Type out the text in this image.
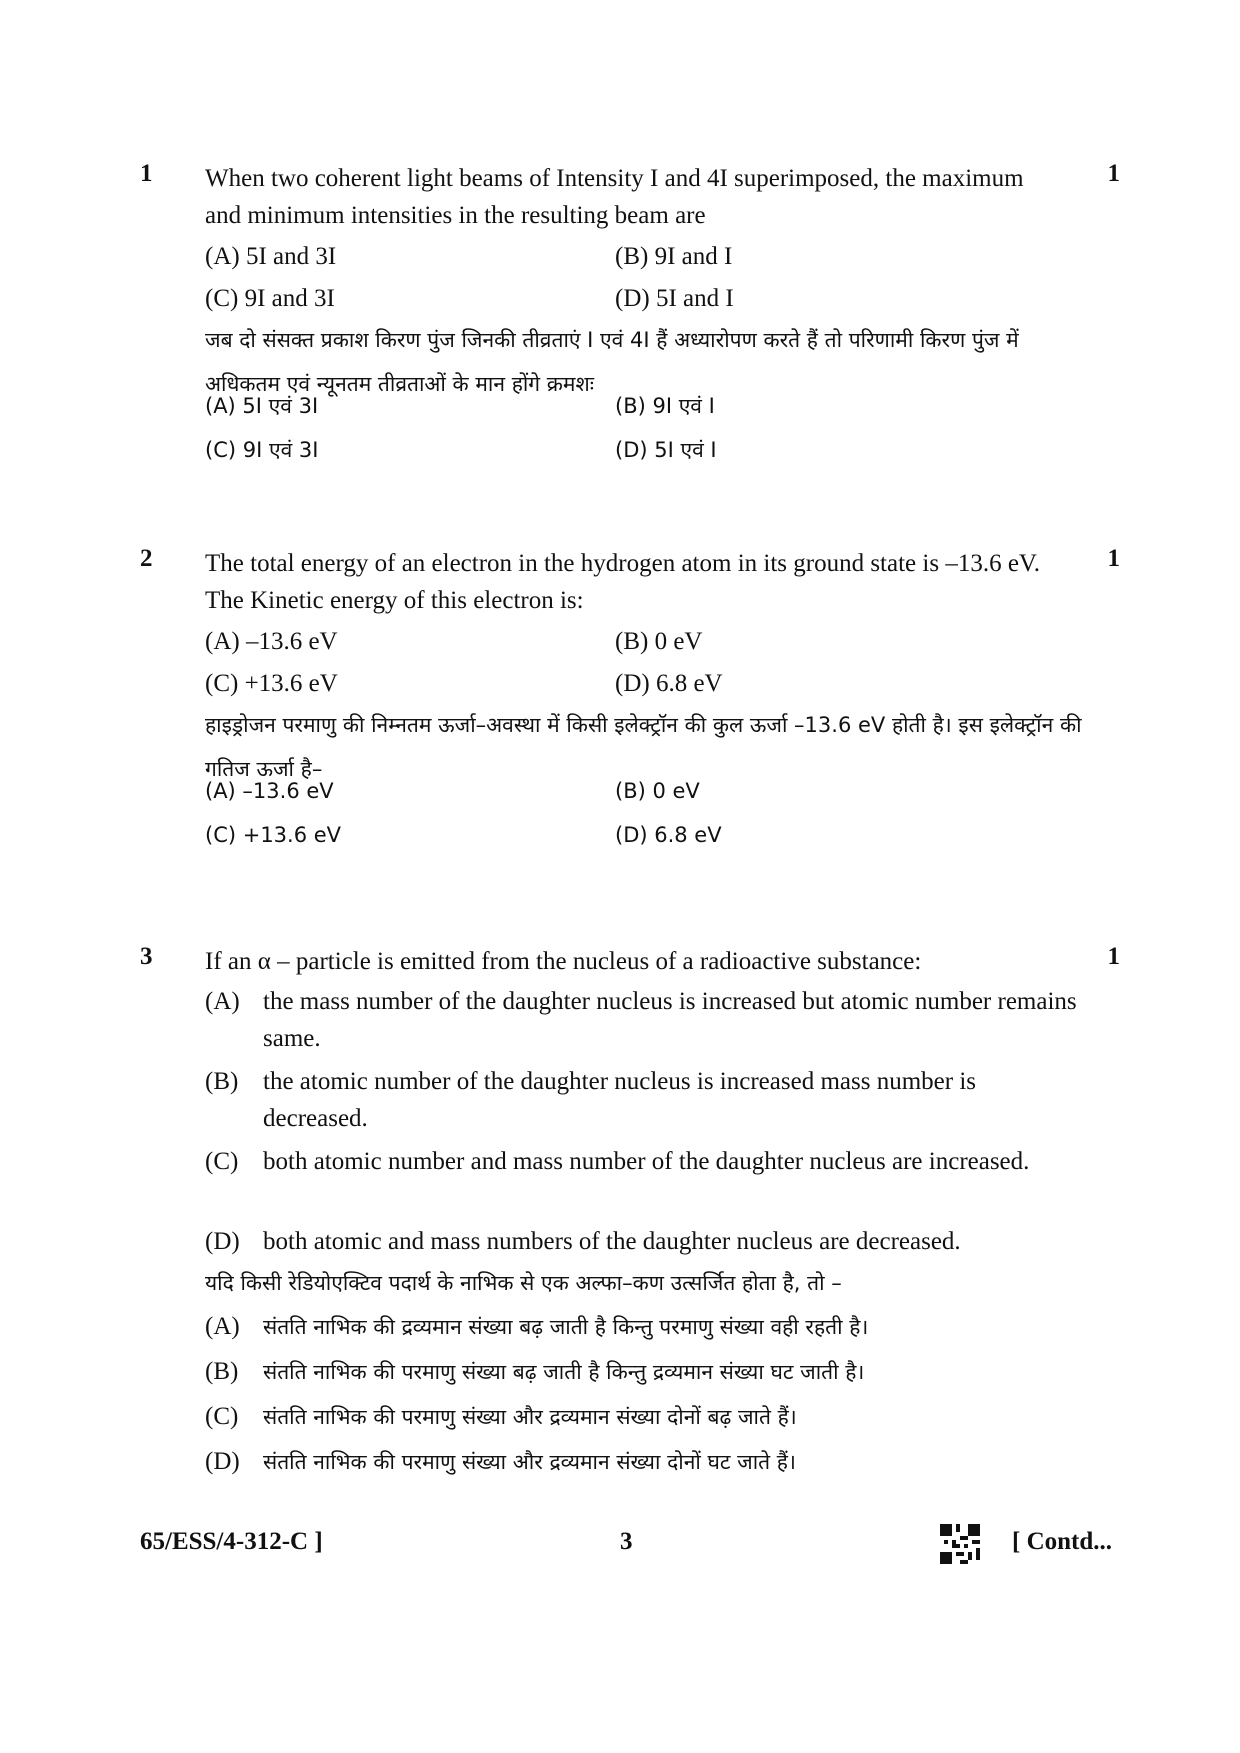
1	1
When two coherent light beams of Intensity I and 4I superimposed, the maximum and minimum intensities in the resulting beam are
(A) 5I and 3I	(B) 9I and I
(C) 9I and 3I	(D) 5I and I
जब दो संसक्त प्रकाश किरण पुंज जिनकी तीव्रताएं I एवं 4I हैं अध्यारोपण करते हैं तो परिणामी किरण पुंज में अधिकतम एवं न्यूनतम तीव्रताओं के मान होंगे क्रमशः
(A) 5I एवं 3I	(B) 9I एवं I
(C) 9I एवं 3I	(D) 5I एवं I
2	1
The total energy of an electron in the hydrogen atom in its ground state is –13.6 eV. The Kinetic energy of this electron is:
(A) –13.6 eV	(B) 0 eV
(C) +13.6 eV	(D) 6.8 eV
हाइड्रोजन परमाणु की निम्नतम ऊर्जा–अवस्था में किसी इलेक्ट्रॉन की कुल ऊर्जा –13.6 eV होती है। इस इलेक्ट्रॉन की गतिज ऊर्जा है–
(A) –13.6 eV	(B) 0 eV
(C) +13.6 eV	(D) 6.8 eV
3	1
If an α – particle is emitted from the nucleus of a radioactive substance:
(A) the mass number of the daughter nucleus is increased but atomic number remains same.
(B) the atomic number of the daughter nucleus is increased mass number is decreased.
(C) both atomic number and mass number of the daughter nucleus are increased.
(D) both atomic and mass numbers of the daughter nucleus are decreased.
यदि किसी रेडियोएक्टिव पदार्थ के नाभिक से एक अल्फा–कण उत्सर्जित होता है, तो –
(A)	संतति नाभिक की द्रव्यमान संख्या बढ़ जाती है किन्तु परमाणु संख्या वही रहती है।
(B)	संतति नाभिक की परमाणु संख्या बढ़ जाती है किन्तु द्रव्यमान संख्या घट जाती है।
(C)	संतति नाभिक की परमाणु संख्या और द्रव्यमान संख्या दोनों बढ़ जाते हैं।
(D)	संतति नाभिक की परमाणु संख्या और द्रव्यमान संख्या दोनों घट जाते हैं।
65/ESS/4-312-C ]	3	[ Contd...
